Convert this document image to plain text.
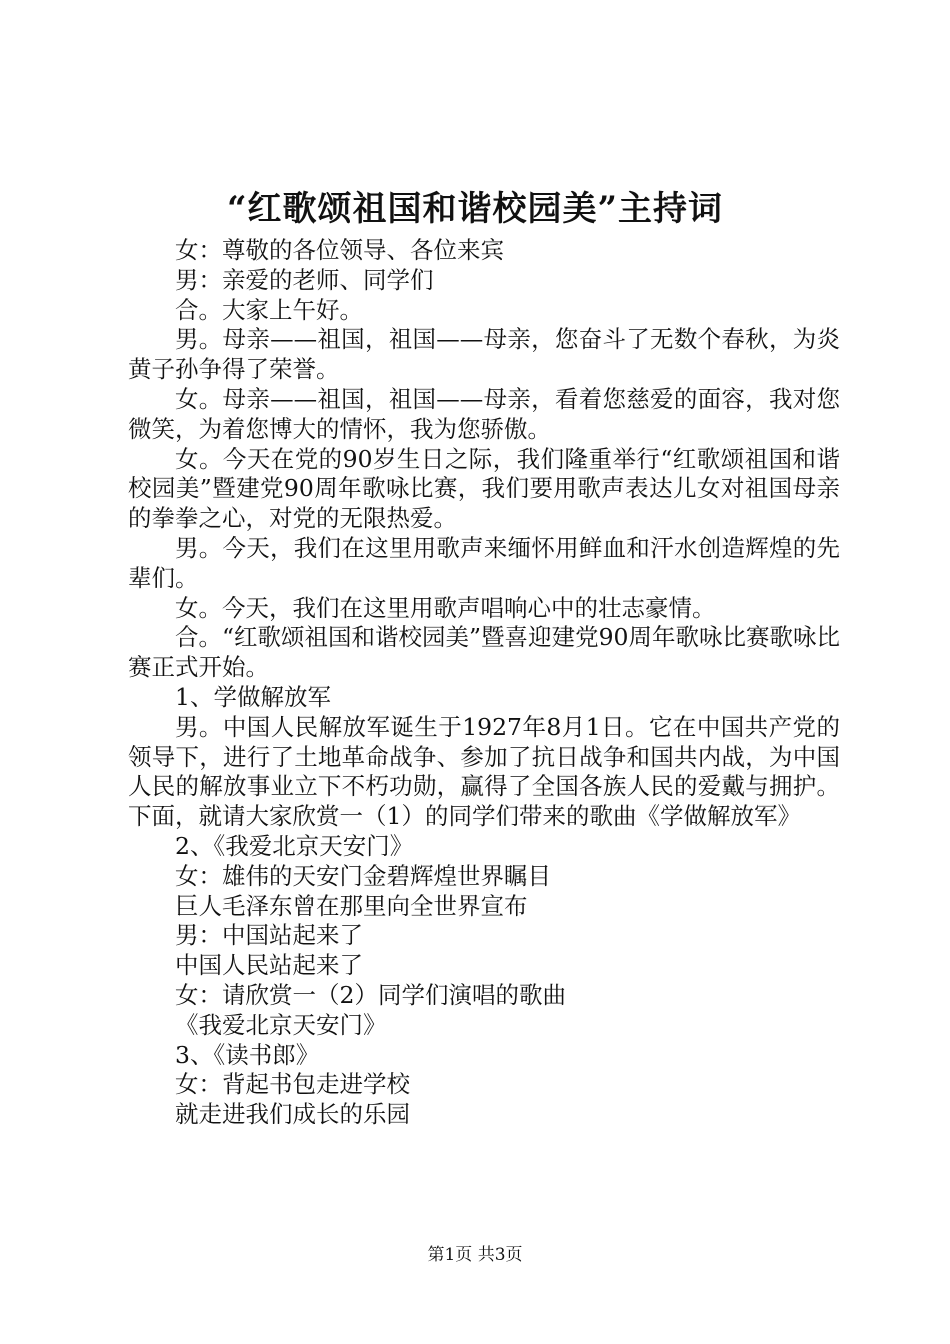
“红歌颂祖国和谐校园美”主持词

女：尊敬的各位领导、各位来宾

男：亲爱的老师、同学们

合。大家上午好。

男。母亲——祖国，祖国——母亲，您奋斗了无数个春秋，为炎黄子孙争得了荣誉。

女。母亲——祖国，祖国——母亲，看着您慈爱的面容，我对您微笑，为着您博大的情怀，我为您骄傲。

女。今天在党的90岁生日之际，我们隆重举行“红歌颂祖国和谐校园美”暨建党90周年歌咏比赛，我们要用歌声表达儿女对祖国母亲的拳拳之心，对党的无限热爱。

男。今天，我们在这里用歌声来缅怀用鲜血和汗水创造辉煌的先辈们。

女。今天，我们在这里用歌声唱响心中的壮志豪情。

合。“红歌颂祖国和谐校园美”暨喜迎建党90周年歌咏比赛歌咏比赛正式开始。

1、学做解放军

男。中国人民解放军诞生于1927年8月1日。它在中国共产党的领导下，进行了土地革命战争、参加了抗日战争和国共内战，为中国人民的解放事业立下不朽功勋，赢得了全国各族人民的爱戴与拥护。下面，就请大家欣赏一（1）的同学们带来的歌曲《学做解放军》

2、《我爱北京天安门》

女：雄伟的天安门金碧辉煌世界瞩目

巨人毛泽东曾在那里向全世界宣布

男：中国站起来了

中国人民站起来了

女：请欣赏一（2）同学们演唱的歌曲

《我爱北京天安门》

3、《读书郎》

女：背起书包走进学校

就走进我们成长的乐园

第1页 共3页
